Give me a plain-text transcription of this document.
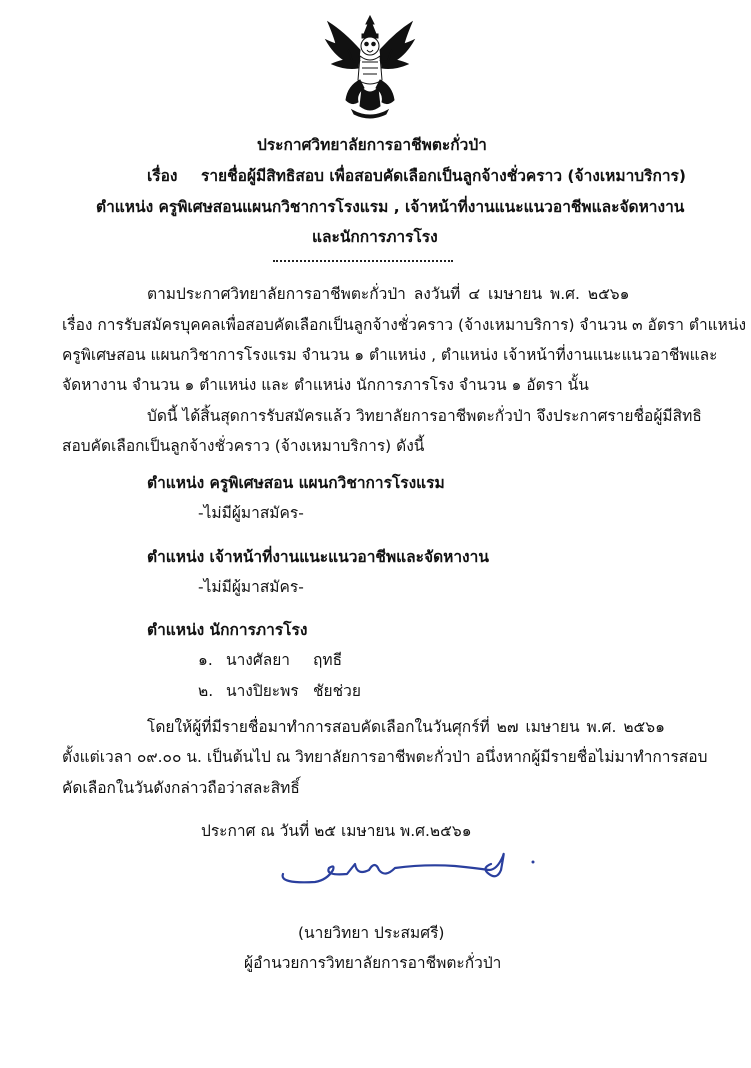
ประกาศวิทยาลัยการอาชีพตะกั่วป่า
เรื่อง รายชื่อผู้มีสิทธิสอบ เพื่อสอบคัดเลือกเป็นลูกจ้างชั่วคราว (จ้างเหมาบริการ)
ตำแหน่ง ครูพิเศษสอนแผนกวิชาการโรงแรม , เจ้าหน้าที่งานแนะแนวอาชีพและจัดหางาน
และนักการภารโรง
ตามประกาศวิทยาลัยการอาชีพตะกั่วป่า ลงวันที่ ๔ เมษายน พ.ศ. ๒๕๖๑
เรื่อง การรับสมัครบุคคลเพื่อสอบคัดเลือกเป็นลูกจ้างชั่วคราว (จ้างเหมาบริการ) จำนวน ๓ อัตรา ตำแหน่ง
ครูพิเศษสอน แผนกวิชาการโรงแรม จำนวน ๑ ตำแหน่ง , ตำแหน่ง เจ้าหน้าที่งานแนะแนวอาชีพและ
จัดหางาน จำนวน ๑ ตำแหน่ง และ ตำแหน่ง นักการภารโรง จำนวน ๑ อัตรา นั้น
บัดนี้ ได้สิ้นสุดการรับสมัครแล้ว วิทยาลัยการอาชีพตะกั่วป่า จึงประกาศรายชื่อผู้มีสิทธิ
สอบคัดเลือกเป็นลูกจ้างชั่วคราว (จ้างเหมาบริการ) ดังนี้
ตำแหน่ง ครูพิเศษสอน แผนกวิชาการโรงแรม
-ไม่มีผู้มาสมัคร-
ตำแหน่ง เจ้าหน้าที่งานแนะแนวอาชีพและจัดหางาน
-ไม่มีผู้มาสมัคร-
ตำแหน่ง นักการภารโรง
๑. นางศัลยา ฤทธี
๒. นางปิยะพร ชัยช่วย
โดยให้ผู้ที่มีรายชื่อมาทำการสอบคัดเลือกในวันศุกร์ที่ ๒๗ เมษายน พ.ศ. ๒๕๖๑
ตั้งแต่เวลา ๐๙.๐๐ น. เป็นต้นไป ณ วิทยาลัยการอาชีพตะกั่วป่า อนึ่งหากผู้มีรายชื่อไม่มาทำการสอบ
คัดเลือกในวันดังกล่าวถือว่าสละสิทธิ์
ประกาศ ณ วันที่ ๒๕ เมษายน พ.ศ.๒๕๖๑
(นายวิทยา ประสมศรี)
ผู้อำนวยการวิทยาลัยการอาชีพตะกั่วป่า
